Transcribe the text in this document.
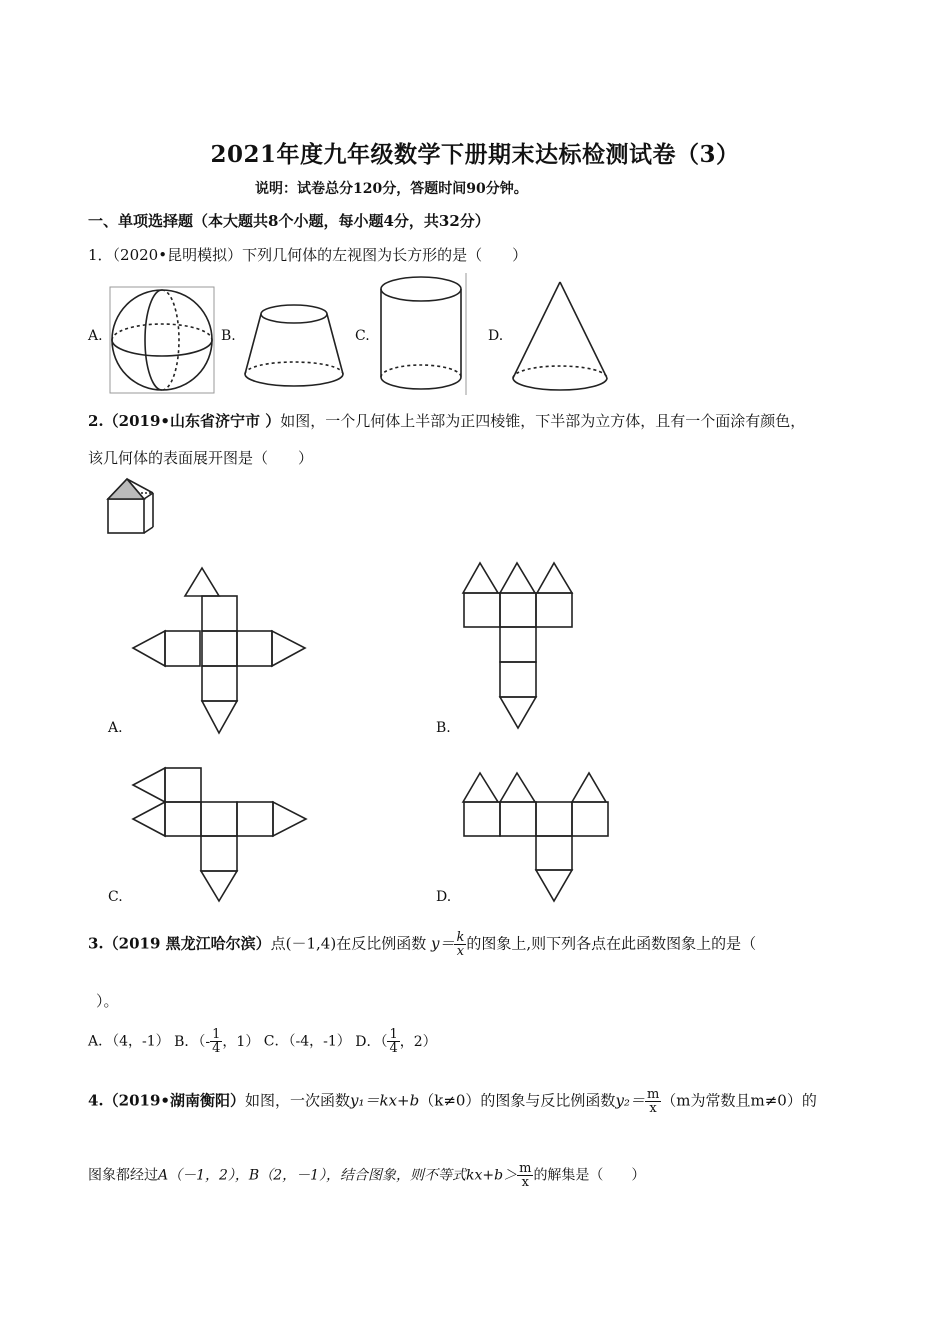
2021年度九年级数学下册期末达标检测试卷（3）
说明：试卷总分120分，答题时间90分钟。
一、单项选择题（本大题共8个小题，每小题4分，共32分）
1．（2020•昆明模拟）下列几何体的左视图为长方形的是（　　）
A.	B.	C.	D.
2.（2019•山东省济宁市 ）如图，一个几何体上半部为正四棱锥，下半部为立方体，且有一个面涂有颜色，
该几何体的表面展开图是（　　）
A.	B.
C.	D.
3.（2019 黑龙江哈尔滨）点(－1,4)在反比例函数 $y= \frac{k}{x}$ 的图象上,则下列各点在此函数图象上的是（
）。
A．（4，-1） B．（- $\frac{1}{4}$ ，1） C．（-4，-1） D．（ $\frac{1}{4}$ ，2）
4.（2019•湖南衡阳）如图，一次函数y₁＝kx+b（k≠0）的图象与反比例函数$y_2= \frac{m}{x} (m$为常数且m≠0）的
图象都经过A（－1，2），B（2，－1），结合图象，则不等式$kx+b> \frac{m}{x}$ 的解集是（　　）
